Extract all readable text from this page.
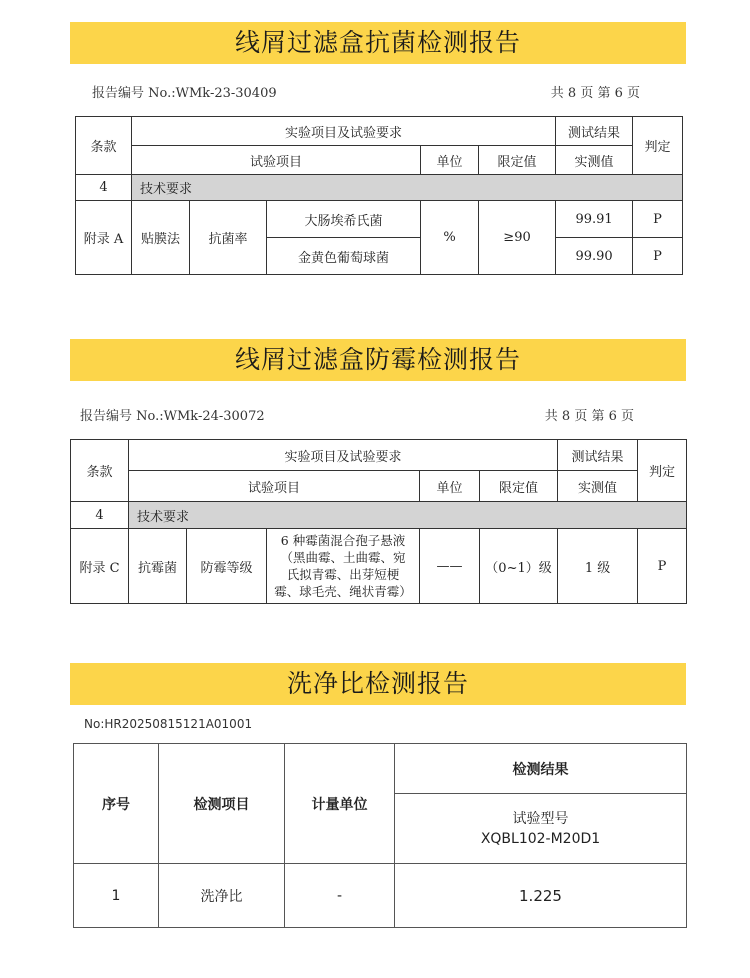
线屑过滤盒抗菌检测报告
报告编号 No.:WMk-23-30409	共 8 页 第 6 页
条款	实验项目及试验要求					测试结果	判定
	试验项目			单位	限定值	实测值	
4	技术要求						
附录 A	贴膜法	抗菌率	大肠埃希氏菌	%	≥90	99.91	P
			金黄色葡萄球菌			99.90	P
线屑过滤盒防霉检测报告
报告编号 No.:WMk-24-30072	共 8 页 第 6 页
条款	实验项目及试验要求					测试结果	判定
	试验项目			单位	限定值	实测值	
4	技术要求						
附录 C	抗霉菌	防霉等级	6 种霉菌混合孢子悬液
（黑曲霉、土曲霉、宛
氏拟青霉、出芽短梗
霉、球毛壳、绳状青霉）	——	（0~1）级	1 级	P
洗净比检测报告
No:HR20250815121A01001
序号	检测项目	计量单位	检测结果

			试验型号
XQBL102-M20D1

1	洗净比	-	1.225
